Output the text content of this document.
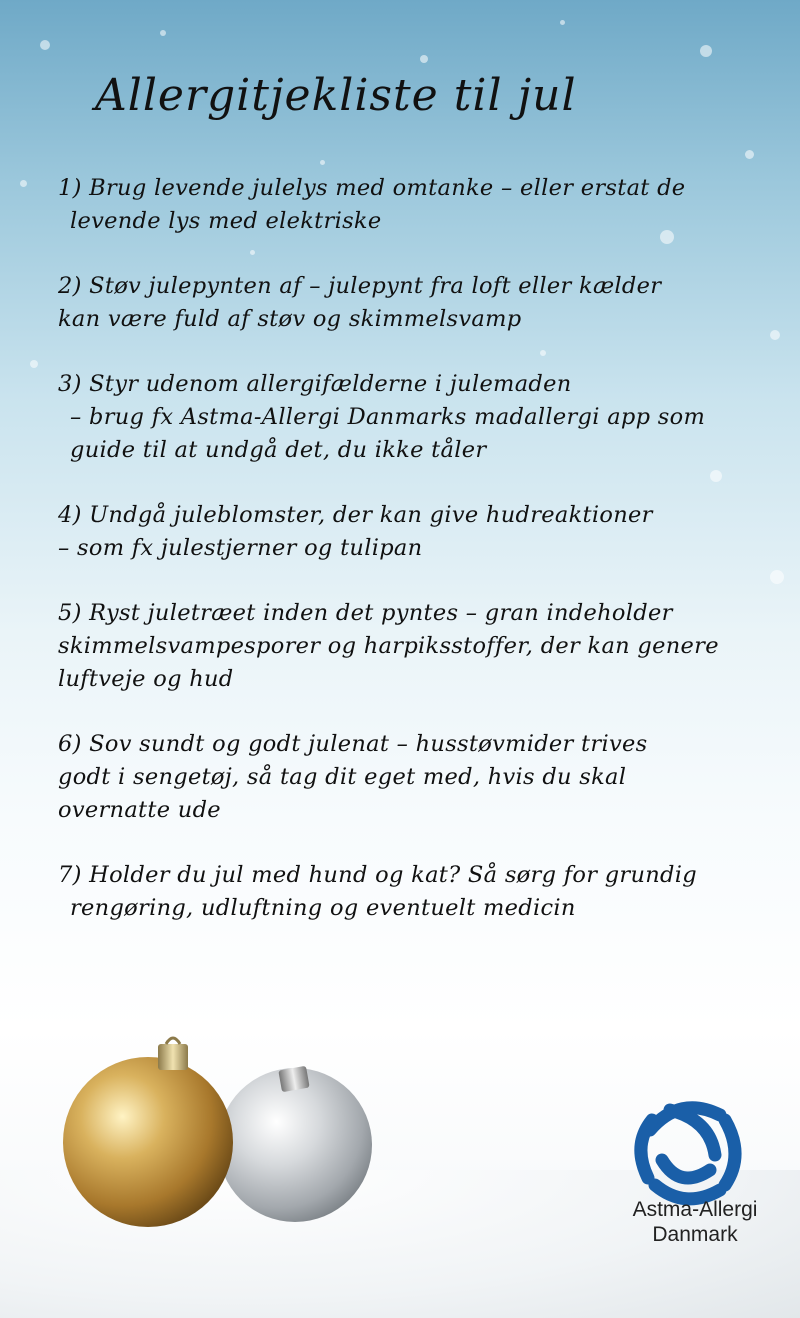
Allergitjekliste til jul
1) Brug levende julelys med omtanke – eller erstat de
levende lys med elektriske
2) Støv julepynten af – julepynt fra loft eller kælder
kan være fuld af støv og skimmelsvamp
3) Styr udenom allergifælderne i julemaden
– brug fx Astma-Allergi Danmarks madallergi app som
guide til at undgå det, du ikke tåler
4) Undgå juleblomster, der kan give hudreaktioner
– som fx julestjerner og tulipan
5) Ryst juletræet inden det pyntes – gran indeholder
skimmelsvampesporer og harpiksstoffer, der kan genere
luftveje og hud
6) Sov sundt og godt julenat – husstøvmider trives
godt i sengetøj, så tag dit eget med, hvis du skal
overnatte ude
7) Holder du jul med hund og kat? Så sørg for grundig
rengøring, udluftning og eventuelt medicin

Astma-Allergi

Danmark
